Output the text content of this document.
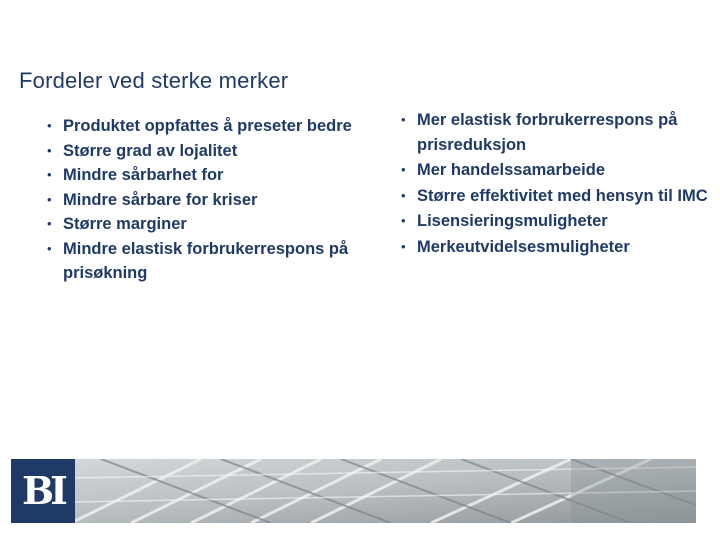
Fordeler ved sterke merker
• Produktet oppfattes å preseter bedre
• Større grad av lojalitet
• Mindre sårbarhet for
• Mindre sårbare for kriser
• Større marginer
• Mindre elastisk forbrukerrespons på prisøkning
• Mer elastisk forbrukerrespons på prisreduksjon
• Mer handelssamarbeide
• Større effektivitet med hensyn til IMC
• Lisensieringsmuligheter
• Merkeutvidelsesmuligheter
BI
